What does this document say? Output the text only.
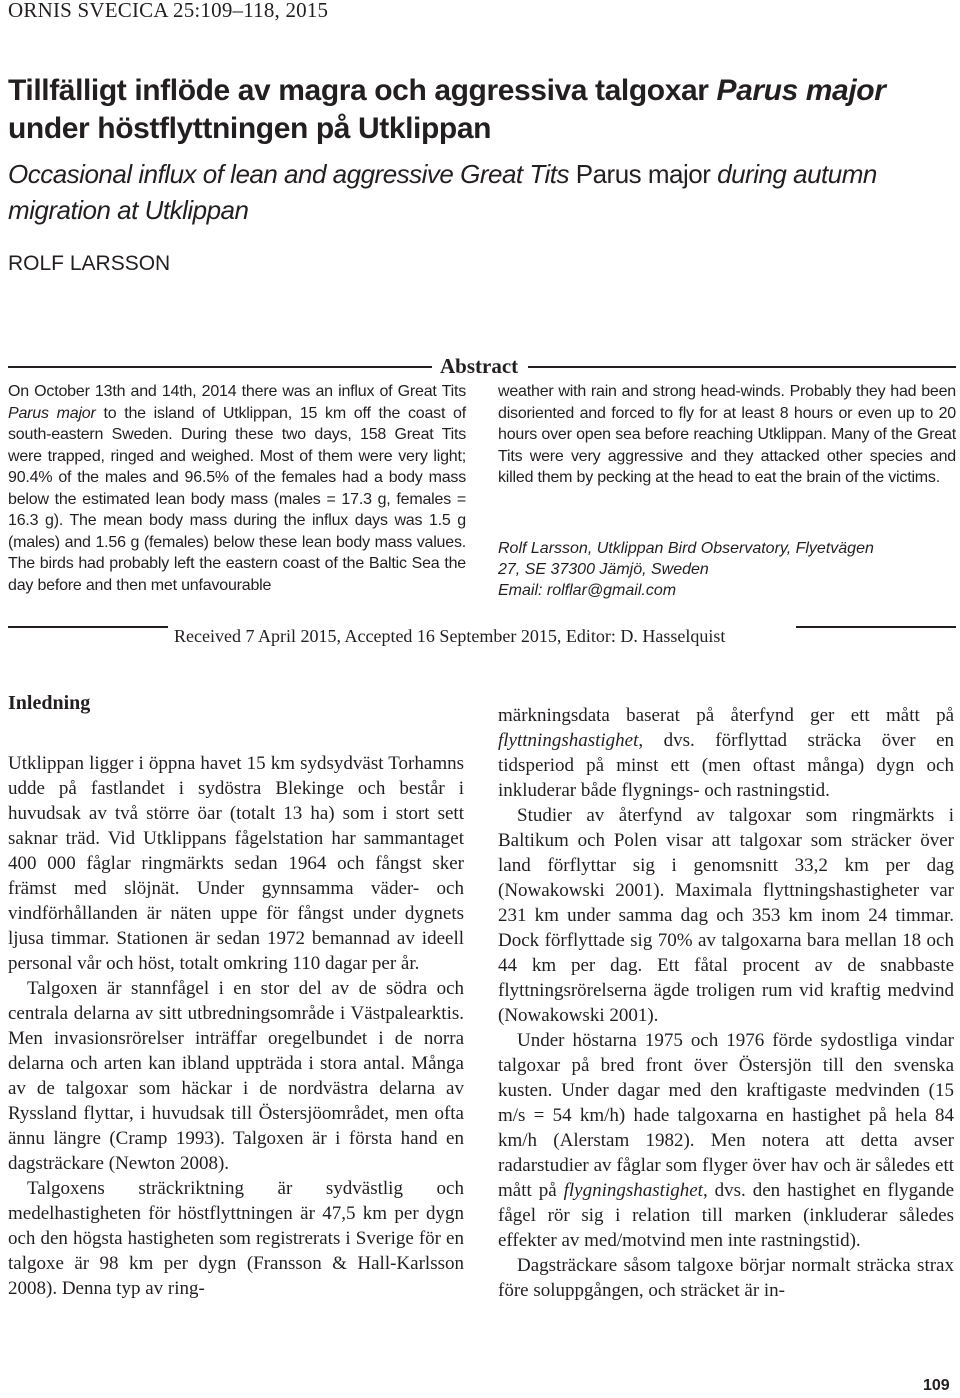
ORNIS SVECICA 25:109–118, 2015
Tillfälligt inflöde av magra och aggressiva talgoxar Parus major
under höstflyttningen på Utklippan

Occasional influx of lean and aggressive Great Tits Parus major during autumn migration at Utklippan

ROLF LARSSON
Abstract

On October 13th and 14th, 2014 there was an influx of Great Tits Parus major to the island of Utklippan, 15 km off the coast of south-eastern Sweden. During these two days, 158 Great Tits were trapped, ringed and weighed. Most of them were very light; 90.4% of the males and 96.5% of the females had a body mass below the estimated lean body mass (males = 17.3 g, females = 16.3 g). The mean body mass during the influx days was 1.5 g (males) and 1.56 g (females) below these lean body mass values. The birds had probably left the eastern coast of the Baltic Sea the day before and then met unfavourable

weather with rain and strong head-winds. Probably they had been disoriented and forced to fly for at least 8 hours or even up to 20 hours over open sea before reaching Utklippan. Many of the Great Tits were very aggressive and they attacked other species and killed them by pecking at the head to eat the brain of the victims.

Rolf Larsson, Utklippan Bird Observatory, Flyetvägen
27, SE 37300 Jämjö, Sweden
Email: rolflar@gmail.com

Received 7 April 2015, Accepted 16 September 2015, Editor: D. Hasselquist
Inledning

Utklippan ligger i öppna havet 15 km sydsydväst Torhamns udde på fastlandet i sydöstra Blekinge och består i huvudsak av två större öar (totalt 13 ha) som i stort sett saknar träd. Vid Utklippans fågelstation har sammantaget 400 000 fåglar ringmärkts sedan 1964 och fångst sker främst med slöjnät. Under gynnsamma väder- och vindförhållanden är näten uppe för fångst under dygnets ljusa timmar. Stationen är sedan 1972 bemannad av ideell personal vår och höst, totalt omkring 110 dagar per år.

Talgoxen är stannfågel i en stor del av de södra och centrala delarna av sitt utbredningsområde i Västpalearktis. Men invasionsrörelser inträffar oregelbundet i de norra delarna och arten kan ibland uppträda i stora antal. Många av de talgoxar som häckar i de nordvästra delarna av Ryssland flyttar, i huvudsak till Östersjöområdet, men ofta ännu längre (Cramp 1993). Talgoxen är i första hand en dagsträckare (Newton 2008).

Talgoxens sträckriktning är sydvästlig och medelhastigheten för höstflyttningen är 47,5 km per dygn och den högsta hastigheten som registrerats i Sverige för en talgoxe är 98 km per dygn (Fransson & Hall-Karlsson 2008). Denna typ av ring-

märkningsdata baserat på återfynd ger ett mått på flyttningshastighet, dvs. förflyttad sträcka över en tidsperiod på minst ett (men oftast många) dygn och inkluderar både flygnings- och rastningstid.

Studier av återfynd av talgoxar som ringmärkts i Baltikum och Polen visar att talgoxar som sträcker över land förflyttar sig i genomsnitt 33,2 km per dag (Nowakowski 2001). Maximala flyttningshastigheter var 231 km under samma dag och 353 km inom 24 timmar. Dock förflyttade sig 70% av talgoxarna bara mellan 18 och 44 km per dag. Ett fåtal procent av de snabbaste flyttningsrörelserna ägde troligen rum vid kraftig medvind (Nowakowski 2001).

Under höstarna 1975 och 1976 förde sydostliga vindar talgoxar på bred front över Östersjön till den svenska kusten. Under dagar med den kraftigaste medvinden (15 m/s = 54 km/h) hade talgoxarna en hastighet på hela 84 km/h (Alerstam 1982). Men notera att detta avser radarstudier av fåglar som flyger över hav och är således ett mått på flygningshastighet, dvs. den hastighet en flygande fågel rör sig i relation till marken (inkluderar således effekter av med/motvind men inte rastningstid).

Dagsträckare såsom talgoxe börjar normalt sträcka strax före soluppgången, och sträcket är in-

109
